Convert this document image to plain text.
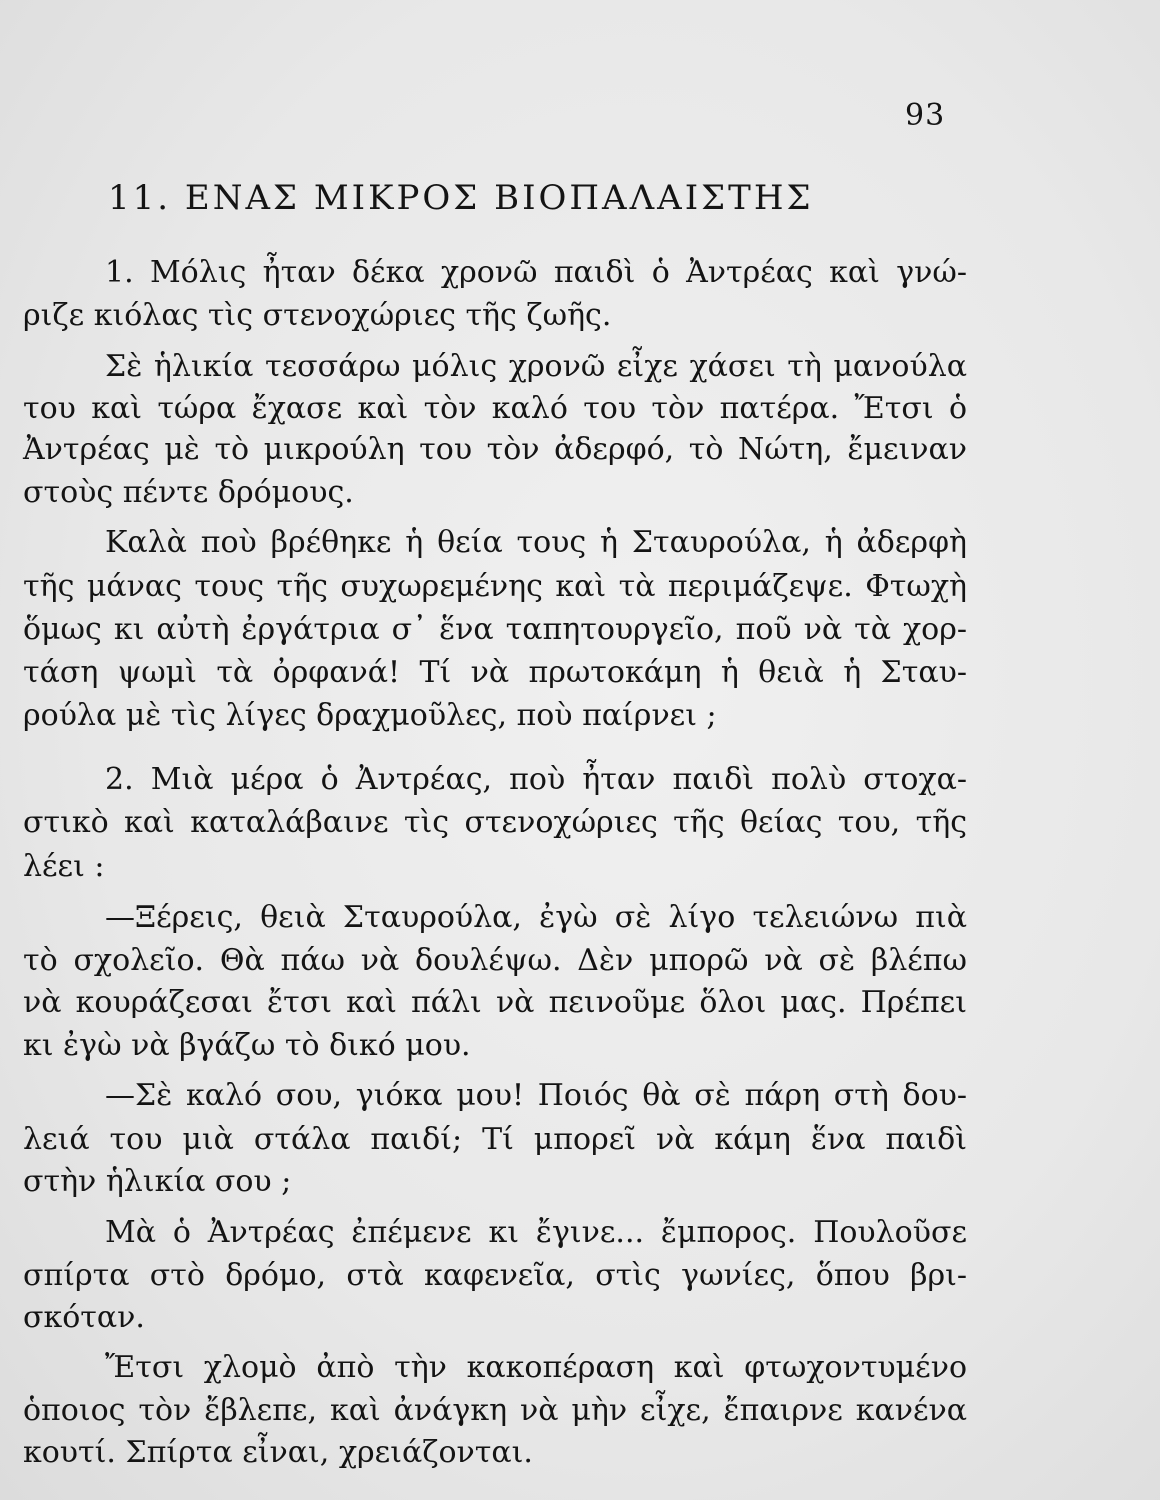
93
11. ΕΝΑΣ ΜΙΚΡΟΣ ΒΙΟΠΑΛΑΙΣΤΗΣ
1. Μόλις ἦταν δέκα χρονῶ παιδὶ ὁ Ἀντρέας καὶ γνώ-
ριζε κιόλας τὶς στενοχώριες τῆς ζωῆς.
Σὲ ἡλικία τεσσάρω μόλις χρονῶ εἶχε χάσει τὴ μανούλα
του καὶ τώρα ἔχασε καὶ τὸν καλό του τὸν πατέρα. Ἔτσι ὁ
Ἀντρέας μὲ τὸ μικρούλη του τὸν ἀδερφό, τὸ Νώτη, ἔμειναν
στοὺς πέντε δρόμους.
Καλὰ ποὺ βρέθηκε ἡ θεία τους ἡ Σταυρούλα, ἡ ἀδερφὴ
τῆς μάνας τους τῆς συχωρεμένης καὶ τὰ περιμάζεψε. Φτωχὴ
ὅμως κι αὐτὴ ἐργάτρια σ᾿ ἕνα ταπητουργεῖο, ποῦ νὰ τὰ χορ-
τάση ψωμὶ τὰ ὀρφανά! Τί νὰ πρωτοκάμη ἡ θειὰ ἡ Σταυ-
ρούλα μὲ τὶς λίγες δραχμοῦλες, ποὺ παίρνει ;
2. Μιὰ μέρα ὁ Ἀντρέας, ποὺ ἦταν παιδὶ πολὺ στοχα-
στικὸ καὶ καταλάβαινε τὶς στενοχώριες τῆς θείας του, τῆς
λέει :
—Ξέρεις, θειὰ Σταυρούλα, ἐγὼ σὲ λίγο τελειώνω πιὰ
τὸ σχολεῖο. Θὰ πάω νὰ δουλέψω. Δὲν μπορῶ νὰ σὲ βλέπω
νὰ κουράζεσαι ἔτσι καὶ πάλι νὰ πεινοῦμε ὅλοι μας. Πρέπει
κι ἐγὼ νὰ βγάζω τὸ δικό μου.
—Σὲ καλό σου, γιόκα μου! Ποιός θὰ σὲ πάρη στὴ δου-
λειά του μιὰ στάλα παιδί; Τί μπορεῖ νὰ κάμη ἕνα παιδὶ
στὴν ἡλικία σου ;
Μὰ ὁ Ἀντρέας ἐπέμενε κι ἔγινε... ἔμπορος. Πουλοῦσε
σπίρτα στὸ δρόμο, στὰ καφενεῖα, στὶς γωνίες, ὅπου βρι-
σκόταν.
Ἔτσι χλομὸ ἀπὸ τὴν κακοπέραση καὶ φτωχοντυμένο
ὁποιος τὸν ἔβλεπε, καὶ ἀνάγκη νὰ μὴν εἶχε, ἔπαιρνε κανένα
κουτί. Σπίρτα εἶναι, χρειάζονται.
